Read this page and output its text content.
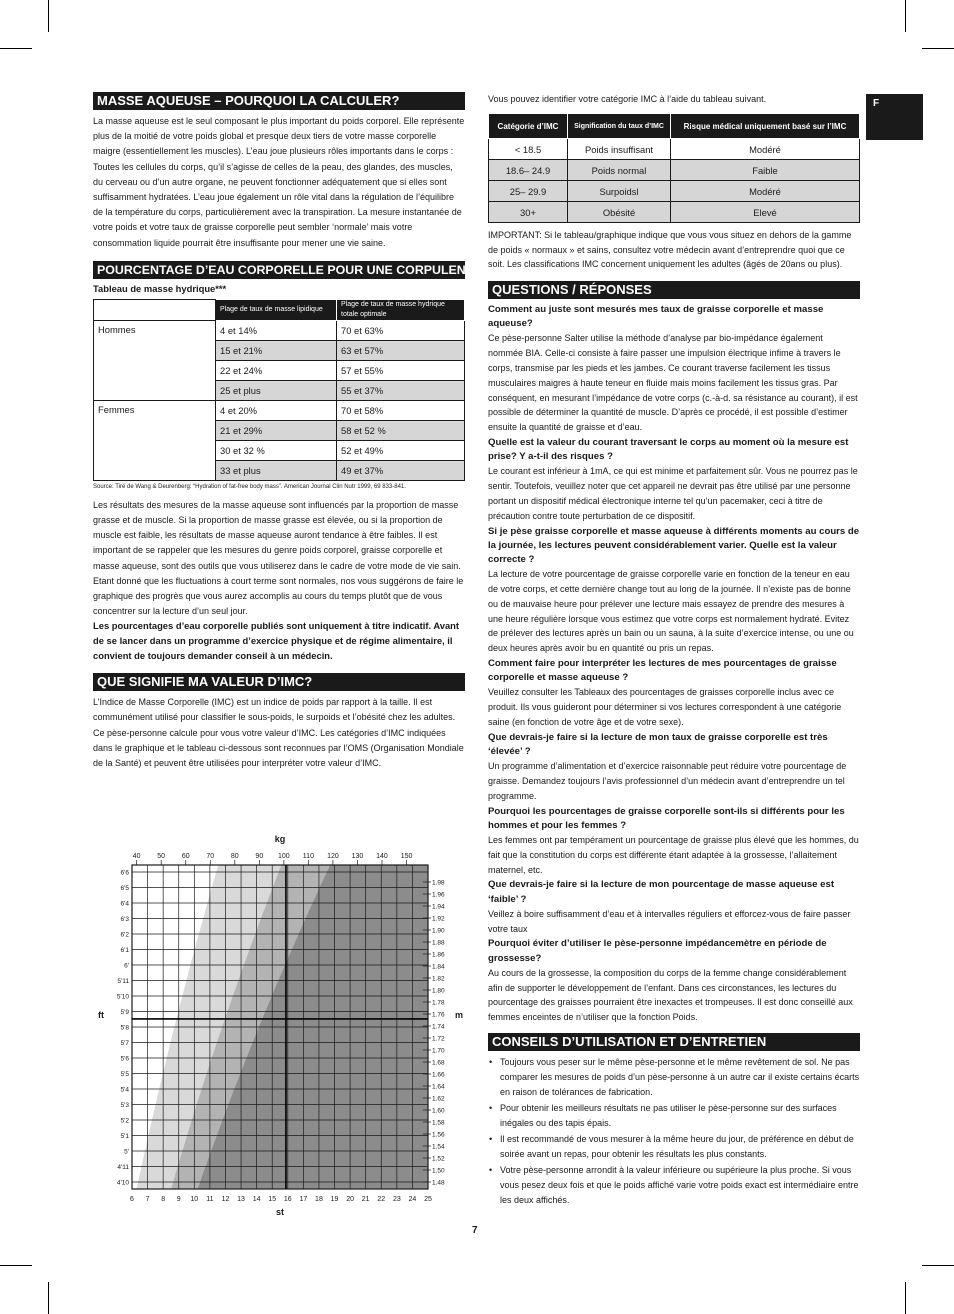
F
MASSE AQUEUSE – POURQUOI LA CALCULER?

La masse aqueuse est le seul composant le plus important du poids corporel. Elle représente plus de la moitié de votre poids global et presque deux tiers de votre masse corporelle maigre (essentiellement les muscles). L’eau joue plusieurs rôles importants dans le corps : Toutes les cellules du corps, qu’il s’agisse de celles de la peau, des glandes, des muscles, du cerveau ou d’un autre organe, ne peuvent fonctionner adéquatement que si elles sont suffisamment hydratées. L’eau joue également un rôle vital dans la régulation de l’équilibre de la température du corps, particulièrement avec la transpiration. La mesure instantanée de votre poids et votre taux de graisse corporelle peut sembler ‘normale’ mais votre consommation liquide pourrait être insuffisante pour mener une vie saine.

POURCENTAGE D’EAU CORPORELLE POUR UNE CORPULENCE NORMALE
Tableau de masse hydrique***
	Plage de taux de masse lipidique	Plage de taux de masse hydrique totale optimale
Hommes	4 et 14%	70 et 63%
	15 et 21%	63 et 57%
	22 et 24%	57 et 55%
	25 et plus	55 et 37%
Femmes	4 et 20%	70 et 58%
	21 et 29%	58 et 52 %
	30 et 32 %	52 et 49%
	33 et plus	49 et 37%
Source: Tiré de Wang & Deurenberg: “Hydration of fat-free body mass”. American Journal Clin Nutr 1999, 69 833-841.

Les résultats des mesures de la masse aqueuse sont influencés par la proportion de masse grasse et de muscle. Si la proportion de masse grasse est élevée, ou si la proportion de muscle est faible, les résultats de masse aqueuse auront tendance à être faibles. Il est important de se rappeler que les mesures du genre poids corporel, graisse corporelle et masse aqueuse, sont des outils que vous utiliserez dans le cadre de votre mode de vie sain. Etant donné que les fluctuations à court terme sont normales, nos vous suggérons de faire le graphique des progrès que vous aurez accomplis au cours du temps plutôt que de vous concentrer sur la lecture d’un seul jour.

Les pourcentages d’eau corporelle publiés sont uniquement à titre indicatif. Avant de se lancer dans un programme d’exercice physique et de régime alimentaire, il convient de toujours demander conseil à un médecin.

QUE SIGNIFIE MA VALEUR D’IMC?

L’Indice de Masse Corporelle (IMC) est un indice de poids par rapport à la taille. Il est communément utilisé pour classifier le sous-poids, le surpoids et l’obésité chez les adultes. Ce pèse-personne calcule pour vous votre valeur d’IMC. Les catégories d’IMC indiquées dans le graphique et le tableau ci-dessous sont reconnues par l’OMS (Organisation Mondiale de la Santé) et peuvent être utilisées pour interpréter votre valeur d’IMC.

kg
st
ft	m
40 50 60 70 80 90 100 110 120 130 140 150
6 7 8 9 10 11 12 13 14 15 16 17 18 19 20 21 22 23 24 25
6'6
6'5
6'4
6'3
6'2
6'1
6'
5'11
5'10
5'9
5'8
5'7
5'6
5'5
5'4
5'3
5'2
5'1
5'
4'11
4'10
1.98
1.96
1.94
1.92
1.90
1.88
1.86
1.84
1.82
1.80
1.78
1.76
1.74
1.72
1.70
1.68
1.66
1.64
1.62
1.60
1.58
1.56
1.54
1.52
1.50
1.48

Vous pouvez identifier votre catégorie IMC à l’aide du tableau suivant.

Catégorie d’IMC	Signification du taux d’IMC	Risque médical uniquement basé sur l’IMC
< 18.5	Poids insuffisant	Modéré
18.6– 24.9	Poids normal	Faible
25– 29.9	Surpoidsl	Modéré
30+	Obésité	Elevé

IMPORTANT: Si le tableau/graphique indique que vous vous situez en dehors de la gamme de poids « normaux » et sains, consultez votre médecin avant d’entreprendre quoi que ce soit. Les classifications IMC concernent uniquement les adultes (âgés de 20ans ou plus).

QUESTIONS / RÉPONSES
Comment au juste sont mesurés mes taux de graisse corporelle et masse aqueuse?
Ce pèse-personne Salter utilise la méthode d’analyse par bio-impédance également nommée BIA. Celle-ci consiste à faire passer une impulsion électrique infime à travers le corps, transmise par les pieds et les jambes. Ce courant traverse facilement les tissus musculaires maigres à haute teneur en fluide mais moins facilement les tissus gras. Par conséquent, en mesurant l’impédance de votre corps (c.-à-d. sa résistance au courant), il est possible de déterminer la quantité de muscle. D’après ce procédé, il est possible d’estimer ensuite la quantité de graisse et d’eau.
Quelle est la valeur du courant traversant le corps au moment où la mesure est prise? Y a-t-il des risques ?
Le courant est inférieur à 1mA, ce qui est minime et parfaitement sûr. Vous ne pourrez pas le sentir. Toutefois, veuillez noter que cet appareil ne devrait pas être utilisé par une personne portant un dispositif médical électronique interne tel qu’un pacemaker, ceci à titre de précaution contre toute perturbation de ce dispositif.
Si je pèse graisse corporelle et masse aqueuse à différents moments au cours de la journée, les lectures peuvent considérablement varier. Quelle est la valeur correcte ?
La lecture de votre pourcentage de graisse corporelle varie en fonction de la teneur en eau de votre corps, et cette dernière change tout au long de la journée. Il n’existe pas de bonne ou de mauvaise heure pour prélever une lecture mais essayez de prendre des mesures à une heure régulière lorsque vous estimez que votre corps est normalement hydraté. Evitez de prélever des lectures après un bain ou un sauna, à la suite d’exercice intense, ou une ou deux heures après avoir bu en quantité ou pris un repas.
Comment faire pour interpréter les lectures de mes pourcentages de graisse corporelle et masse aqueuse ?
Veuillez consulter les Tableaux des pourcentages de graisses corporelle inclus avec ce produit. Ils vous guideront pour déterminer si vos lectures correspondent à une catégorie saine (en fonction de votre âge et de votre sexe).
Que devrais-je faire si la lecture de mon taux de graisse corporelle est très ‘élevée’ ?
Un programme d’alimentation et d’exercice raisonnable peut réduire votre pourcentage de graisse. Demandez toujours l’avis professionnel d’un médecin avant d’entreprendre un tel programme.
Pourquoi les pourcentages de graisse corporelle sont-ils si différents pour les hommes et pour les femmes ?
Les femmes ont par tempérament un pourcentage de graisse plus élevé que les hommes, du fait que la constitution du corps est différente étant adaptée à la grossesse, l’allaitement maternel, etc.
Que devrais-je faire si la lecture de mon pourcentage de masse aqueuse est ‘faible’ ?
Veillez à boire suffisamment d’eau et à intervalles réguliers et efforcez-vous de faire passer votre taux
Pourquoi éviter d’utiliser le pèse-personne impédancemètre en période de grossesse?
Au cours de la grossesse, la composition du corps de la femme change considérablement afin de supporter le développement de l’enfant. Dans ces circonstances, les lectures du pourcentage des graisses pourraient être inexactes et trompeuses. Il est donc conseillé aux femmes enceintes de n’utiliser que la fonction Poids.
CONSEILS D’UTILISATION ET D’ENTRETIEN
• Toujours vous peser sur le même pèse-personne et le même revêtement de sol. Ne pas comparer les mesures de poids d’un pèse-personne à un autre car il existe certains écarts en raison de tolérances de fabrication.
• Pour obtenir les meilleurs résultats ne pas utiliser le pèse-personne sur des surfaces inégales ou des tapis épais.
• Il est recommandé de vous mesurer à la même heure du jour, de préférence en début de soirée avant un repas, pour obtenir les résultats les plus constants.
• Votre pèse-personne arrondit à la valeur inférieure ou supérieure la plus proche. Si vous vous pesez deux fois et que le poids affiché varie votre poids exact est intermédiaire entre les deux affichés.
7
